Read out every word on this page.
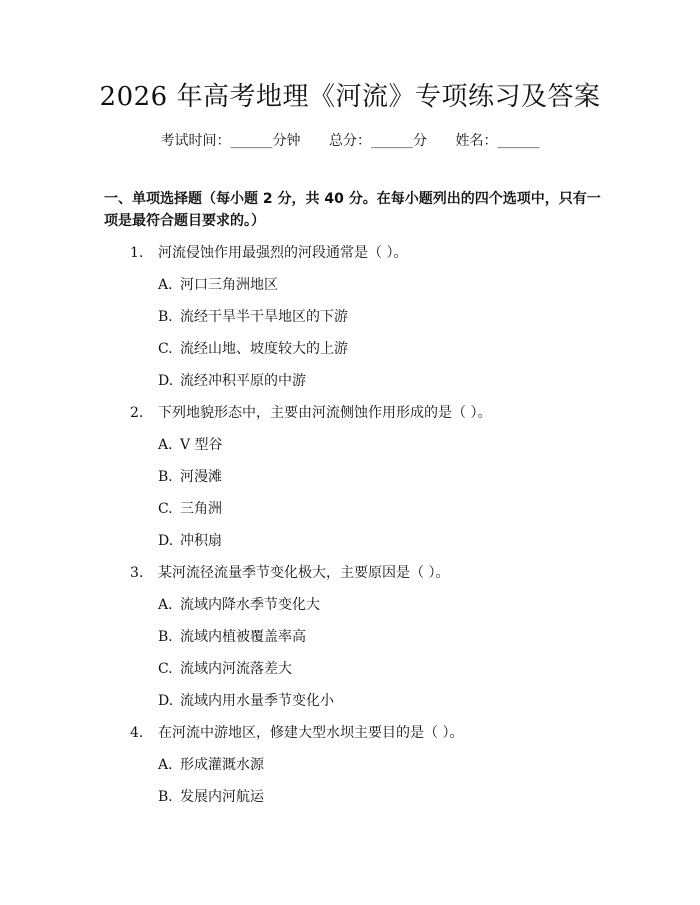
2026 年高考地理《河流》专项练习及答案
考试时间：______分钟 总分：______分 姓名：______
一、单项选择题（每小题 2 分，共 40 分。在每小题列出的四个选项中，只有一项是最符合题目要求的。）
1. 河流侵蚀作用最强烈的河段通常是（ ）。
A. 河口三角洲地区
B. 流经干旱半干旱地区的下游
C. 流经山地、坡度较大的上游
D. 流经冲积平原的中游
2. 下列地貌形态中，主要由河流侧蚀作用形成的是（ ）。
A. V 型谷
B. 河漫滩
C. 三角洲
D. 冲积扇
3. 某河流径流量季节变化极大，主要原因是（ ）。
A. 流域内降水季节变化大
B. 流域内植被覆盖率高
C. 流域内河流落差大
D. 流域内用水量季节变化小
4. 在河流中游地区，修建大型水坝主要目的是（ ）。
A. 形成灌溉水源
B. 发展内河航运
